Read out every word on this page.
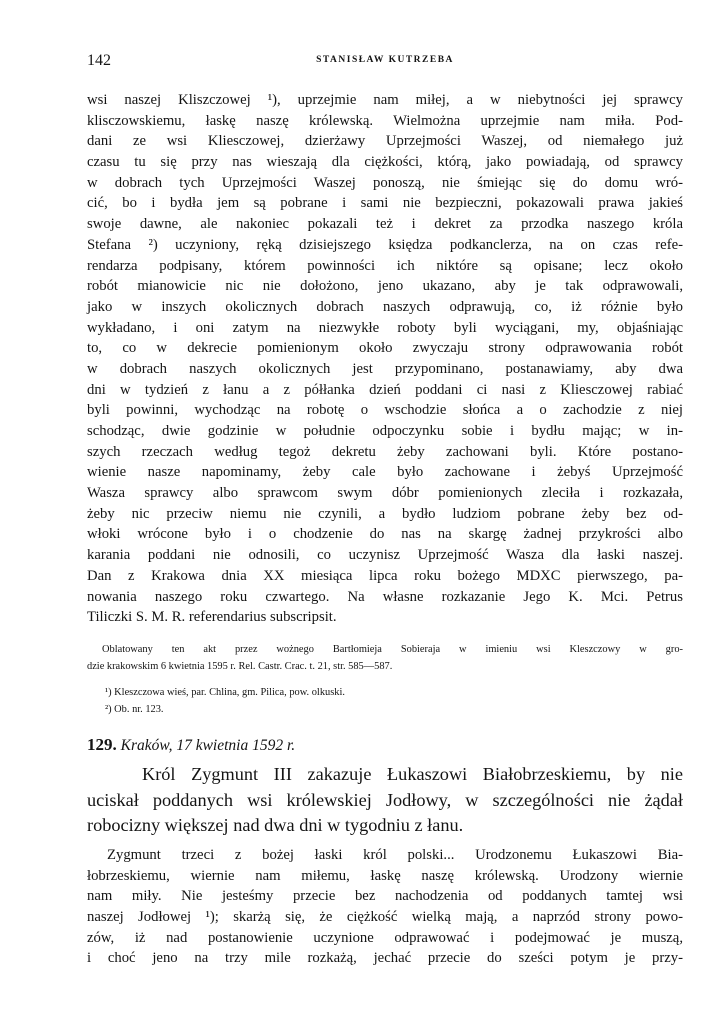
142	STANISŁAW KUTRZEBA
wsi naszej Kliszczowej ¹), uprzejmie nam miłej, a w niebytności jej sprawcy
klisczowskiemu, łaskę naszę królewską. Wielmożna uprzejmie nam miła. Pod-
dani ze wsi Kliesczowej, dzierżawy Uprzejmości Waszej, od niemałego już
czasu tu się przy nas wieszają dla ciężkości, którą, jako powiadają, od sprawcy
w dobrach tych Uprzejmości Waszej ponoszą, nie śmiejąc się do domu wró-
cić, bo i bydła jem są pobrane i sami nie bezpieczni, pokazowali prawa jakieś
swoje dawne, ale nakoniec pokazali też i dekret za przodka naszego króla
Stefana ²) uczyniony, ręką dzisiejszego księdza podkanclerza, na on czas refe-
rendarza podpisany, którem powinności ich niktóre są opisane; lecz około
robót mianowicie nic nie dołożono, jeno ukazano, aby je tak odprawowali,
jako w inszych okolicznych dobrach naszych odprawują, co, iż różnie było
wykładano, i oni zatym na niezwykłe roboty byli wyciągani, my, objaśniając
to, co w dekrecie pomienionym około zwyczaju strony odprawowania robót
w dobrach naszych okolicznych jest przypominano, postanawiamy, aby dwa
dni w tydzień z łanu a z półłanka dzień poddani ci nasi z Kliesczowej rabiać
byli powinni, wychodząc na robotę o wschodzie słońca a o zachodzie z niej
schodząc, dwie godzinie w południe odpoczynku sobie i bydłu mając; w in-
szych rzeczach według tegoż dekretu żeby zachowani byli. Które postano-
wienie nasze napominamy, żeby cale było zachowane i żebyś Uprzejmość
Wasza sprawcy albo sprawcom swym dóbr pomienionych zleciła i rozkazała,
żeby nic przeciw niemu nie czynili, a bydło ludziom pobrane żeby bez od-
włoki wrócone było i o chodzenie do nas na skargę żadnej przykrości albo
karania poddani nie odnosili, co uczynisz Uprzejmość Wasza dla łaski naszej.
Dan z Krakowa dnia XX miesiąca lipca roku bożego MDXC pierwszego, pa-
nowania naszego roku czwartego. Na własne rozkazanie Jego K. Mci. Petrus
Tiliczki S. M. R. referendarius subscripsit.
Oblatowany ten akt przez wożnego Bartłomieja Sobieraja w imieniu wsi Kleszczowy w gro-
dzie krakowskim 6 kwietnia 1595 r. Rel. Castr. Crac. t. 21, str. 585—587.
¹) Kleszczowa wieś, par. Chlina, gm. Pilica, pow. olkuski.
²) Ob. nr. 123.
129. Kraków, 17 kwietnia 1592 r.
Król Zygmunt III zakazuje Łukaszowi Białobrzeskiemu, by nie
uciskał poddanych wsi królewskiej Jodłowy, w szczególności nie żądał
robocizny większej nad dwa dni w tygodniu z łanu.
Zygmunt trzeci z bożej łaski król polski... Urodzonemu Łukaszowi Bia-
łobrzeskiemu, wiernie nam miłemu, łaskę naszę królewską. Urodzony wiernie
nam miły. Nie jesteśmy przecie bez nachodzenia od poddanych tamtej wsi
naszej Jodłowej ¹); skarżą się, że ciężkość wielką mają, a naprzód strony powo-
zów, iż nad postanowienie uczynione odprawować i podejmować je muszą,
i choć jeno na trzy mile rozkażą, jechać przecie do sześci potym je przy-
